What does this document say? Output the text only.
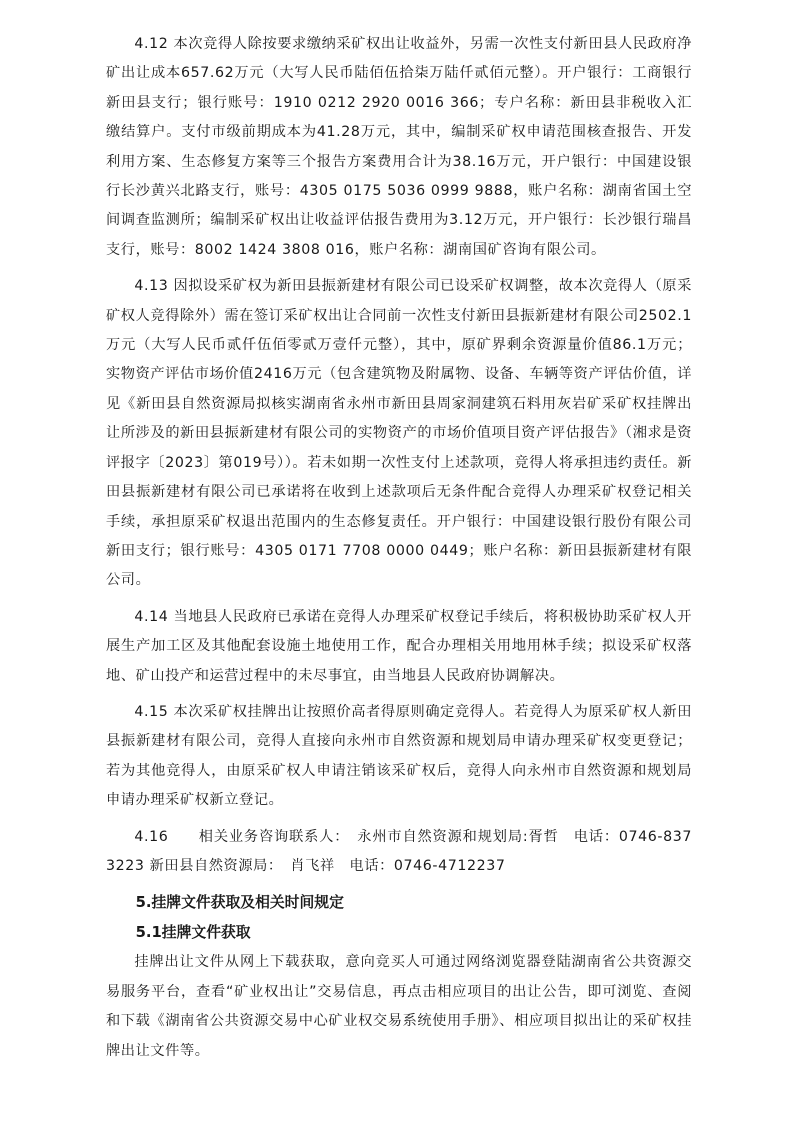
4.12 本次竞得人除按要求缴纳采矿权出让收益外，另需一次性支付新田县人民政府净矿出让成本657.62万元（大写人民币陆佰伍拾柒万陆仟贰佰元整）。开户银行：工商银行新田县支行；银行账号：1910 0212 2920 0016 366；专户名称：新田县非税收入汇缴结算户。支付市级前期成本为41.28万元，其中，编制采矿权申请范围核查报告、开发利用方案、生态修复方案等三个报告方案费用合计为38.16万元，开户银行：中国建设银行长沙黄兴北路支行，账号：4305 0175 5036 0999 9888，账户名称：湖南省国土空间调查监测所；编制采矿权出让收益评估报告费用为3.12万元，开户银行：长沙银行瑞昌支行，账号：8002 1424 3808 016，账户名称：湖南国矿咨询有限公司。

4.13 因拟设采矿权为新田县振新建材有限公司已设采矿权调整，故本次竞得人（原采矿权人竞得除外）需在签订采矿权出让合同前一次性支付新田县振新建材有限公司2502.1万元（大写人民币贰仟伍佰零贰万壹仟元整），其中，原矿界剩余资源量价值86.1万元；实物资产评估市场价值2416万元（包含建筑物及附属物、设备、车辆等资产评估价值，详见《新田县自然资源局拟核实湖南省永州市新田县周家洞建筑石料用灰岩矿采矿权挂牌出让所涉及的新田县振新建材有限公司的实物资产的市场价值项目资产评估报告》（湘求是资评报字〔2023〕第019号））。若未如期一次性支付上述款项，竞得人将承担违约责任。新田县振新建材有限公司已承诺将在收到上述款项后无条件配合竞得人办理采矿权登记相关手续，承担原采矿权退出范围内的生态修复责任。开户银行：中国建设银行股份有限公司新田支行；银行账号：4305 0171 7708 0000 0449；账户名称：新田县振新建材有限公司。

4.14 当地县人民政府已承诺在竞得人办理采矿权登记手续后，将积极协助采矿权人开展生产加工区及其他配套设施土地使用工作，配合办理相关用地用林手续；拟设采矿权落地、矿山投产和运营过程中的未尽事宜，由当地县人民政府协调解决。

4.15 本次采矿权挂牌出让按照价高者得原则确定竞得人。若竞得人为原采矿权人新田县振新建材有限公司，竞得人直接向永州市自然资源和规划局申请办理采矿权变更登记；若为其他竞得人，由原采矿权人申请注销该采矿权后，竞得人向永州市自然资源和规划局申请办理采矿权新立登记。

4.16　　相关业务咨询联系人：　永州市自然资源和规划局:胥哲　电话：0746-8373223 新田县自然资源局：　肖飞祥　电话：0746-4712237

5.挂牌文件获取及相关时间规定

5.1挂牌文件获取

挂牌出让文件从网上下载获取，意向竞买人可通过网络浏览器登陆湖南省公共资源交易服务平台，查看“矿业权出让”交易信息，再点击相应项目的出让公告，即可浏览、查阅和下载《湖南省公共资源交易中心矿业权交易系统使用手册》、相应项目拟出让的采矿权挂牌出让文件等。
